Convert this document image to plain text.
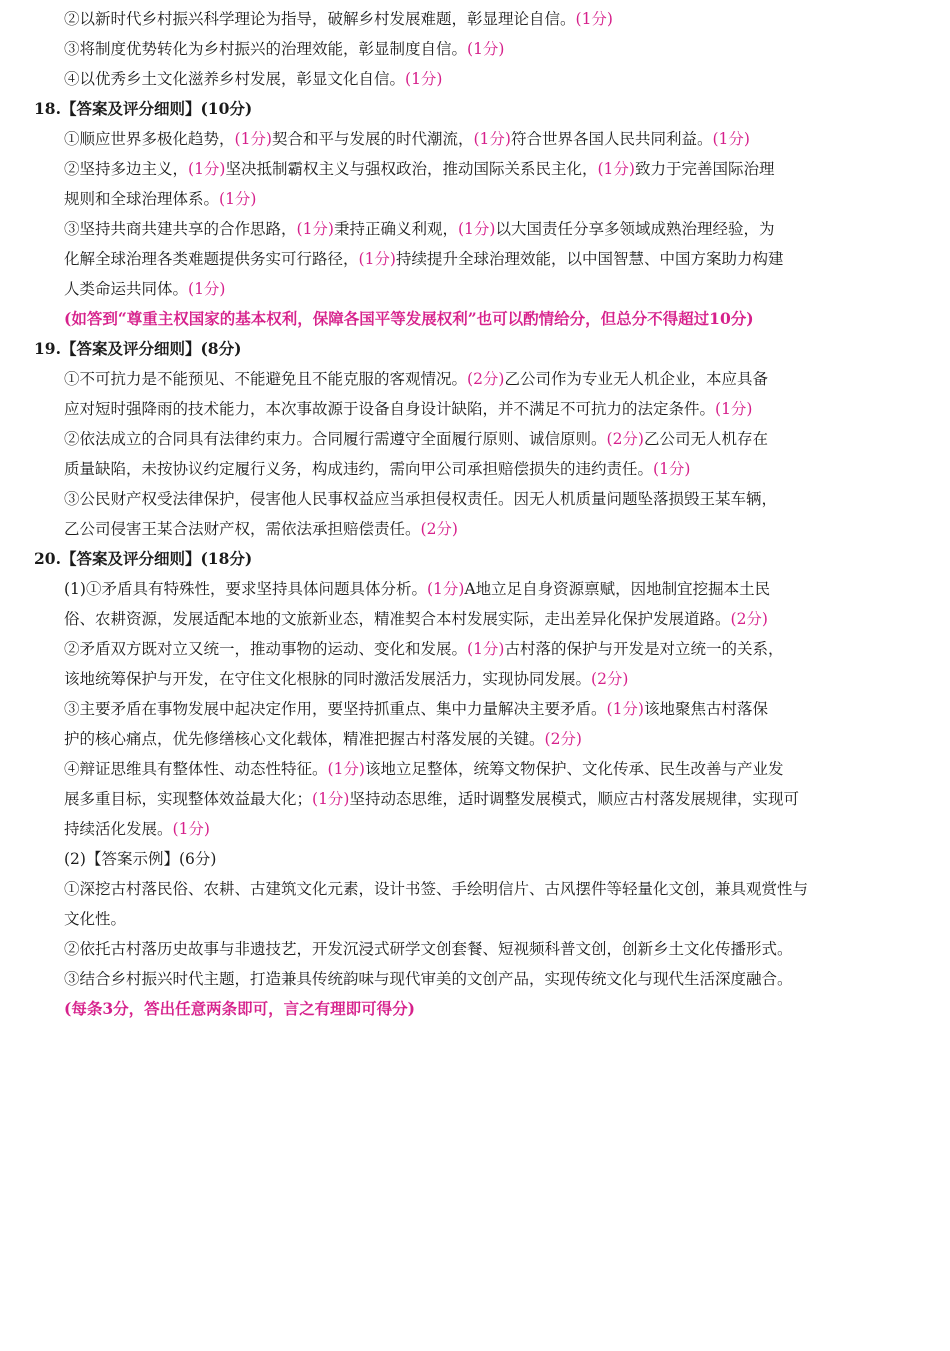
②以新时代乡村振兴科学理论为指导，破解乡村发展难题，彰显理论自信。(1分)
③将制度优势转化为乡村振兴的治理效能，彰显制度自信。(1分)
④以优秀乡土文化滋养乡村发展，彰显文化自信。(1分)
18.【答案及评分细则】(10分)
①顺应世界多极化趋势，(1分)契合和平与发展的时代潮流，(1分)符合世界各国人民共同利益。(1分)
②坚持多边主义，(1分)坚决抵制霸权主义与强权政治，推动国际关系民主化，(1分)致力于完善国际治理
规则和全球治理体系。(1分)
③坚持共商共建共享的合作思路，(1分)秉持正确义利观，(1分)以大国责任分享多领域成熟治理经验，为
化解全球治理各类难题提供务实可行路径，(1分)持续提升全球治理效能，以中国智慧、中国方案助力构建
人类命运共同体。(1分)
(如答到“尊重主权国家的基本权利，保障各国平等发展权利”也可以酌情给分，但总分不得超过10分)
19.【答案及评分细则】(8分)
①不可抗力是不能预见、不能避免且不能克服的客观情况。(2分)乙公司作为专业无人机企业，本应具备
应对短时强降雨的技术能力，本次事故源于设备自身设计缺陷，并不满足不可抗力的法定条件。(1分)
②依法成立的合同具有法律约束力。合同履行需遵守全面履行原则、诚信原则。(2分)乙公司无人机存在
质量缺陷，未按协议约定履行义务，构成违约，需向甲公司承担赔偿损失的违约责任。(1分)
③公民财产权受法律保护，侵害他人民事权益应当承担侵权责任。因无人机质量问题坠落损毁王某车辆，
乙公司侵害王某合法财产权，需依法承担赔偿责任。(2分)
20.【答案及评分细则】(18分)
(1)①矛盾具有特殊性，要求坚持具体问题具体分析。(1分)A地立足自身资源禀赋，因地制宜挖掘本土民
俗、农耕资源，发展适配本地的文旅新业态，精准契合本村发展实际，走出差异化保护发展道路。(2分)
②矛盾双方既对立又统一，推动事物的运动、变化和发展。(1分)古村落的保护与开发是对立统一的关系，
该地统筹保护与开发，在守住文化根脉的同时激活发展活力，实现协同发展。(2分)
③主要矛盾在事物发展中起决定作用，要坚持抓重点、集中力量解决主要矛盾。(1分)该地聚焦古村落保
护的核心痛点，优先修缮核心文化载体，精准把握古村落发展的关键。(2分)
④辩证思维具有整体性、动态性特征。(1分)该地立足整体，统筹文物保护、文化传承、民生改善与产业发
展多重目标，实现整体效益最大化；(1分)坚持动态思维，适时调整发展模式，顺应古村落发展规律，实现可
持续活化发展。(1分)
(2)【答案示例】(6分)
①深挖古村落民俗、农耕、古建筑文化元素，设计书签、手绘明信片、古风摆件等轻量化文创，兼具观赏性与
文化性。
②依托古村落历史故事与非遗技艺，开发沉浸式研学文创套餐、短视频科普文创，创新乡土文化传播形式。
③结合乡村振兴时代主题，打造兼具传统韵味与现代审美的文创产品，实现传统文化与现代生活深度融合。
(每条3分，答出任意两条即可，言之有理即可得分)
